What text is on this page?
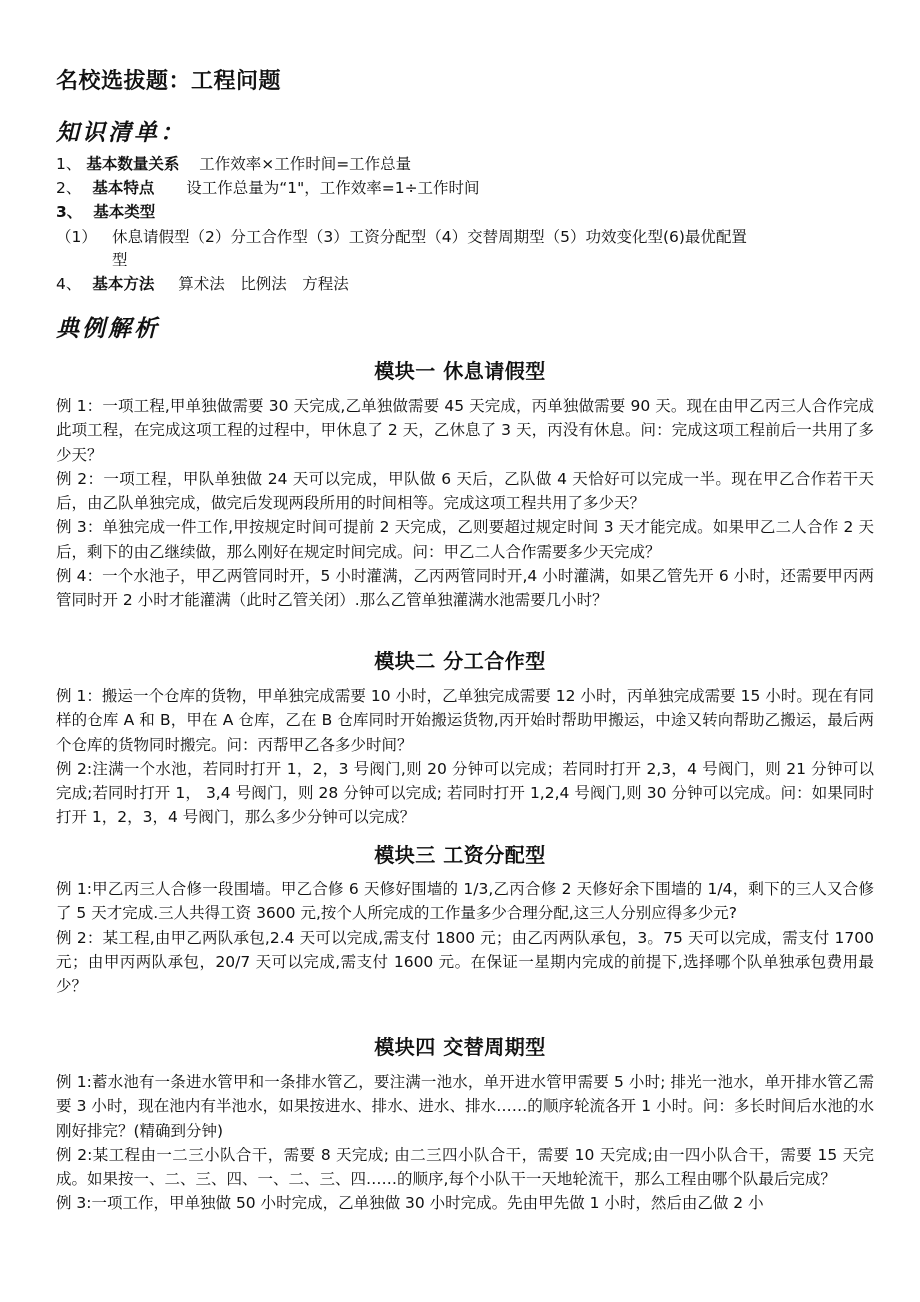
名校选拔题：工程问题
知识清单：
1、 基本数量关系 工作效率×工作时间=工作总量
2、 基本特点 设工作总量为“1"，工作效率=1÷工作时间
3、 基本类型
（1） 休息请假型（2）分工合作型（3）工资分配型（4）交替周期型（5）功效变化型(6)最优配置
型
4、 基本方法 算术法　比例法　方程法
典例解析
模块一 休息请假型

例 1：一项工程,甲单独做需要 30 天完成,乙单独做需要 45 天完成，丙单独做需要 90 天。现在由甲乙丙三人合作完成此项工程，在完成这项工程的过程中，甲休息了 2 天，乙休息了 3 天，丙没有休息。问：完成这项工程前后一共用了多少天？

例 2：一项工程，甲队单独做 24 天可以完成，甲队做 6 天后，乙队做 4 天恰好可以完成一半。现在甲乙合作若干天后，由乙队单独完成，做完后发现两段所用的时间相等。完成这项工程共用了多少天？

例 3：单独完成一件工作,甲按规定时间可提前 2 天完成，乙则要超过规定时间 3 天才能完成。如果甲乙二人合作 2 天后，剩下的由乙继续做，那么刚好在规定时间完成。问：甲乙二人合作需要多少天完成？

例 4：一个水池子，甲乙两管同时开，5 小时灌满，乙丙两管同时开,4 小时灌满，如果乙管先开 6 小时，还需要甲丙两管同时开 2 小时才能灌满（此时乙管关闭）.那么乙管单独灌满水池需要几小时？

模块二 分工合作型

例 1：搬运一个仓库的货物，甲单独完成需要 10 小时，乙单独完成需要 12 小时，丙单独完成需要 15 小时。现在有同样的仓库 A 和 B，甲在 A 仓库，乙在 B 仓库同时开始搬运货物,丙开始时帮助甲搬运，中途又转向帮助乙搬运，最后两个仓库的货物同时搬完。问：丙帮甲乙各多少时间？

例 2:注满一个水池，若同时打开 1，2，3 号阀门,则 20 分钟可以完成；若同时打开 2,3，4 号阀门，则 21 分钟可以完成;若同时打开 1， 3,4 号阀门，则 28 分钟可以完成; 若同时打开 1,2,4 号阀门,则 30 分钟可以完成。问：如果同时打开 1，2，3，4 号阀门，那么多少分钟可以完成？

模块三 工资分配型

例 1:甲乙丙三人合修一段围墙。甲乙合修 6 天修好围墙的 1/3,乙丙合修 2 天修好余下围墙的 1/4，剩下的三人又合修了 5 天才完成.三人共得工资 3600 元,按个人所完成的工作量多少合理分配,这三人分别应得多少元?

例 2：某工程,由甲乙两队承包,2.4 天可以完成,需支付 1800 元；由乙丙两队承包，3。75 天可以完成，需支付 1700 元；由甲丙两队承包，20/7 天可以完成,需支付 1600 元。在保证一星期内完成的前提下,选择哪个队单独承包费用最少？

模块四 交替周期型

例 1:蓄水池有一条进水管甲和一条排水管乙，要注满一池水，单开进水管甲需要 5 小时; 排光一池水，单开排水管乙需要 3 小时，现在池内有半池水，如果按进水、排水、进水、排水……的顺序轮流各开 1 小时。问：多长时间后水池的水刚好排完？(精确到分钟)

例 2:某工程由一二三小队合干，需要 8 天完成; 由二三四小队合干，需要 10 天完成;由一四小队合干，需要 15 天完成。如果按一、二、三、四、一、二、三、四……的顺序,每个小队干一天地轮流干，那么工程由哪个队最后完成？

例 3:一项工作，甲单独做 50 小时完成，乙单独做 30 小时完成。先由甲先做 1 小时，然后由乙做 2 小
